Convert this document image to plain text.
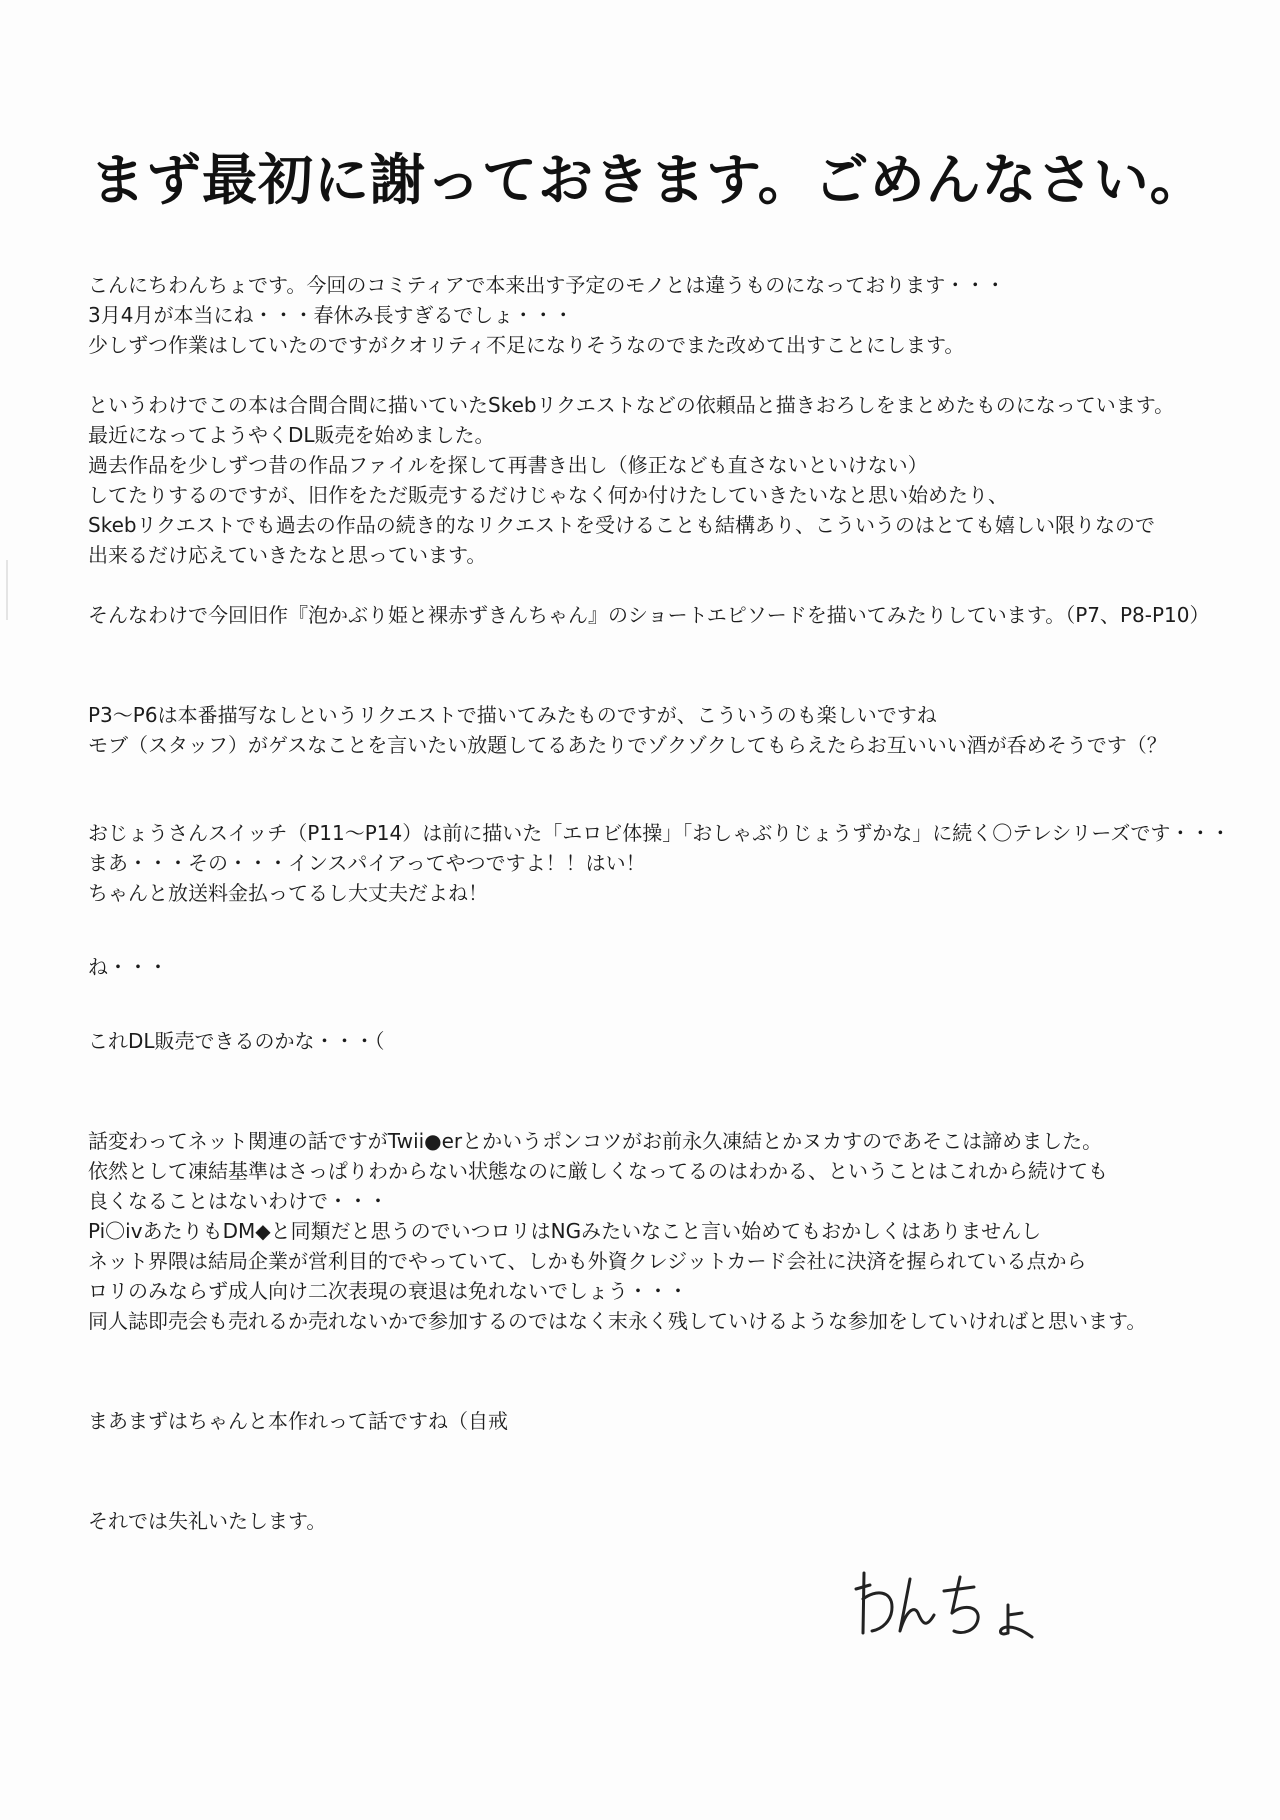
まず最初に謝っておきます。ごめんなさい。
こんにちわんちょです。今回のコミティアで本来出す予定のモノとは違うものになっております・・・
3月4月が本当にね・・・春休み長すぎるでしょ・・・
少しずつ作業はしていたのですがクオリティ不足になりそうなのでまた改めて出すことにします。
というわけでこの本は合間合間に描いていたSkebリクエストなどの依頼品と描きおろしをまとめたものになっています。
最近になってようやくDL販売を始めました。
過去作品を少しずつ昔の作品ファイルを探して再書き出し（修正なども直さないといけない）
してたりするのですが、旧作をただ販売するだけじゃなく何か付けたしていきたいなと思い始めたり、
Skebリクエストでも過去の作品の続き的なリクエストを受けることも結構あり、こういうのはとても嬉しい限りなので
出来るだけ応えていきたなと思っています。
そんなわけで今回旧作『泡かぶり姫と裸赤ずきんちゃん』のショートエピソードを描いてみたりしています。（P7、P8-P10）
P3～P6は本番描写なしというリクエストで描いてみたものですが、こういうのも楽しいですね
モブ（スタッフ）がゲスなことを言いたい放題してるあたりでゾクゾクしてもらえたらお互いいい酒が呑めそうです（？
おじょうさんスイッチ（P11～P14）は前に描いた「エロビ体操」「おしゃぶりじょうずかな」に続く〇テレシリーズです・・・
まあ・・・その・・・インスパイアってやつですよ！！はい！
ちゃんと放送料金払ってるし大丈夫だよね！
ね・・・
これDL販売できるのかな・・・（
話変わってネット関連の話ですがTwii●erとかいうポンコツがお前永久凍結とかヌカすのであそこは諦めました。
依然として凍結基準はさっぱりわからない状態なのに厳しくなってるのはわかる、ということはこれから続けても
良くなることはないわけで・・・
Pi〇ivあたりもDM◆と同類だと思うのでいつロリはNGみたいなこと言い始めてもおかしくはありませんし
ネット界隈は結局企業が営利目的でやっていて、しかも外資クレジットカード会社に決済を握られている点から
ロリのみならず成人向け二次表現の衰退は免れないでしょう・・・
同人誌即売会も売れるか売れないかで参加するのではなく末永く残していけるような参加をしていければと思います。
まあまずはちゃんと本作れって話ですね（自戒
それでは失礼いたします。
